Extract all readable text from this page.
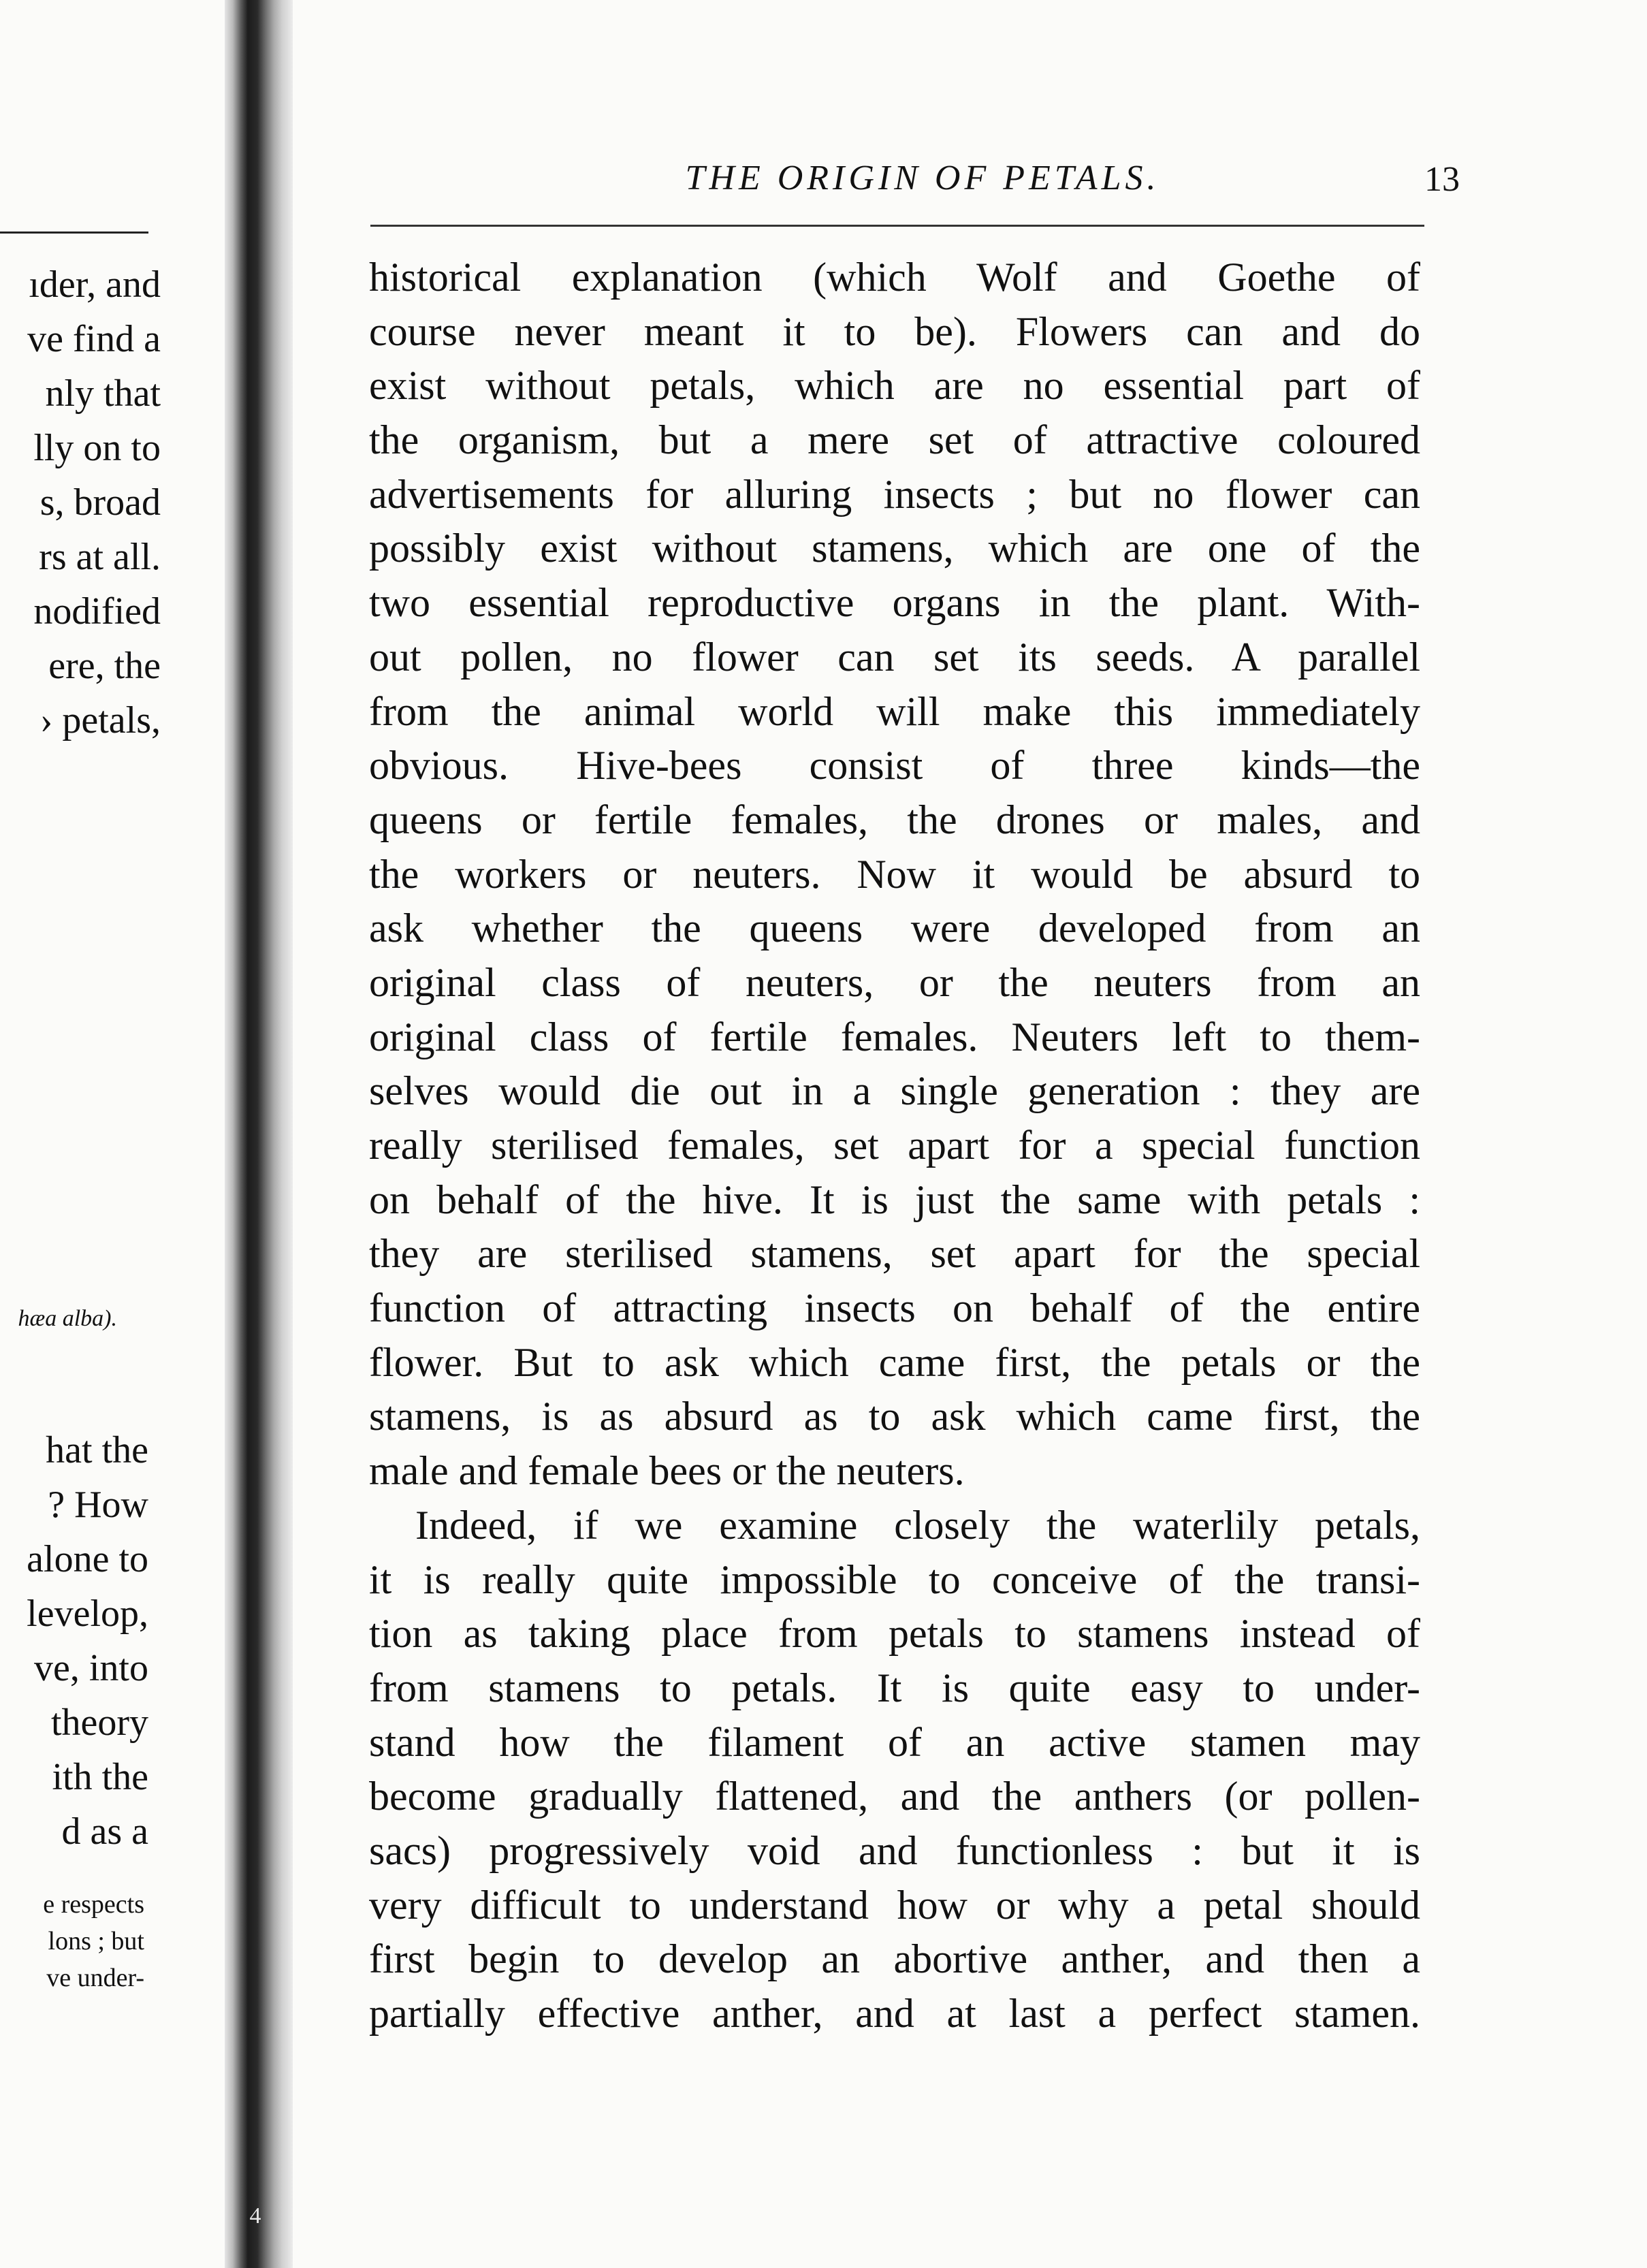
ıder, and
ve find a
nly that
lly on to
s, broad
rs at all.
nodified
ere, the
› petals,
hæa alba).
hat the
? How
alone to
levelop,
ve, into
theory
ith the
d as a
e respects
lons ; but
ve under-
4
THE ORIGIN OF PETALS.	13
historical explanation (which Wolf and Goethe of
course never meant it to be). Flowers can and do
exist without petals, which are no essential part of
the organism, but a mere set of attractive coloured
advertisements for alluring insects ; but no flower can
possibly exist without stamens, which are one of the
two essential reproductive organs in the plant. With-
out pollen, no flower can set its seeds. A parallel
from the animal world will make this immediately
obvious. Hive-bees consist of three kinds—the
queens or fertile females, the drones or males, and
the workers or neuters. Now it would be absurd to
ask whether the queens were developed from an
original class of neuters, or the neuters from an
original class of fertile females. Neuters left to them-
selves would die out in a single generation : they are
really sterilised females, set apart for a special function
on behalf of the hive. It is just the same with petals :
they are sterilised stamens, set apart for the special
function of attracting insects on behalf of the entire
flower. But to ask which came first, the petals or the
stamens, is as absurd as to ask which came first, the
male and female bees or the neuters.
Indeed, if we examine closely the waterlily petals,
it is really quite impossible to conceive of the transi-
tion as taking place from petals to stamens instead of
from stamens to petals. It is quite easy to under-
stand how the filament of an active stamen may
become gradually flattened, and the anthers (or pollen-
sacs) progressively void and functionless : but it is
very difficult to understand how or why a petal should
first begin to develop an abortive anther, and then a
partially effective anther, and at last a perfect stamen.
